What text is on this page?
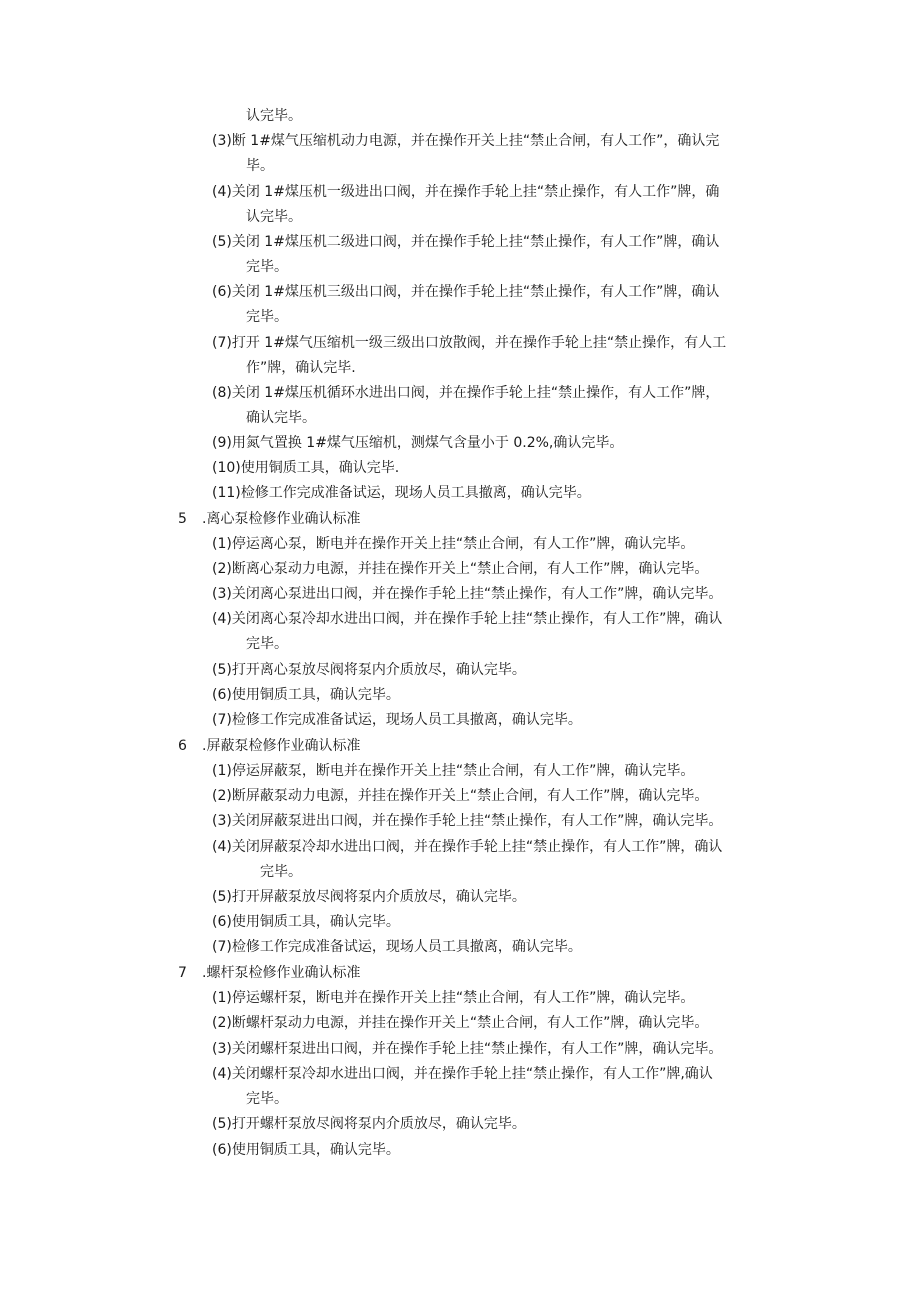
认完毕。
(3)断 1#煤气压缩机动力电源，并在操作开关上挂“禁止合闸，有人工作”，确认完
毕。
(4)关闭 1#煤压机一级进出口阀，并在操作手轮上挂“禁止操作，有人工作”牌，确
认完毕。
(5)关闭 1#煤压机二级进口阀，并在操作手轮上挂“禁止操作，有人工作”牌，确认
完毕。
(6)关闭 1#煤压机三级出口阀，并在操作手轮上挂“禁止操作，有人工作”牌，确认
完毕。
(7)打开 1#煤气压缩机一级三级出口放散阀，并在操作手轮上挂“禁止操作，有人工
作”牌，确认完毕.
(8)关闭 1#煤压机循环水进出口阀，并在操作手轮上挂“禁止操作，有人工作”牌，
确认完毕。
(9)用氮气置换 1#煤气压缩机，测煤气含量小于 0.2%,确认完毕。
(10)使用铜质工具，确认完毕.
(11)检修工作完成准备试运，现场人员工具撤离，确认完毕。
5 .离心泵检修作业确认标准
(1)停运离心泵，断电并在操作开关上挂“禁止合闸，有人工作”牌，确认完毕。
(2)断离心泵动力电源，并挂在操作开关上“禁止合闸，有人工作”牌，确认完毕。
(3)关闭离心泵进出口阀，并在操作手轮上挂“禁止操作，有人工作”牌，确认完毕。
(4)关闭离心泵冷却水进出口阀，并在操作手轮上挂“禁止操作，有人工作”牌，确认
完毕。
(5)打开离心泵放尽阀将泵内介质放尽，确认完毕。
(6)使用铜质工具，确认完毕。
(7)检修工作完成准备试运，现场人员工具撤离，确认完毕。
6 .屏蔽泵检修作业确认标准
(1)停运屏蔽泵，断电并在操作开关上挂“禁止合闸，有人工作”牌，确认完毕。
(2)断屏蔽泵动力电源，并挂在操作开关上“禁止合闸，有人工作”牌，确认完毕。
(3)关闭屏蔽泵进出口阀，并在操作手轮上挂“禁止操作，有人工作”牌，确认完毕。
(4)关闭屏蔽泵冷却水进出口阀，并在操作手轮上挂“禁止操作，有人工作”牌，确认
完毕。
(5)打开屏蔽泵放尽阀将泵内介质放尽，确认完毕。
(6)使用铜质工具，确认完毕。
(7)检修工作完成准备试运，现场人员工具撤离，确认完毕。
7 .螺杆泵检修作业确认标准
(1)停运螺杆泵，断电并在操作开关上挂“禁止合闸，有人工作”牌，确认完毕。
(2)断螺杆泵动力电源，并挂在操作开关上“禁止合闸，有人工作”牌，确认完毕。
(3)关闭螺杆泵进出口阀，并在操作手轮上挂“禁止操作，有人工作”牌，确认完毕。
(4)关闭螺杆泵冷却水进出口阀，并在操作手轮上挂“禁止操作，有人工作”牌,确认
完毕。
(5)打开螺杆泵放尽阀将泵内介质放尽，确认完毕。
(6)使用铜质工具，确认完毕。
